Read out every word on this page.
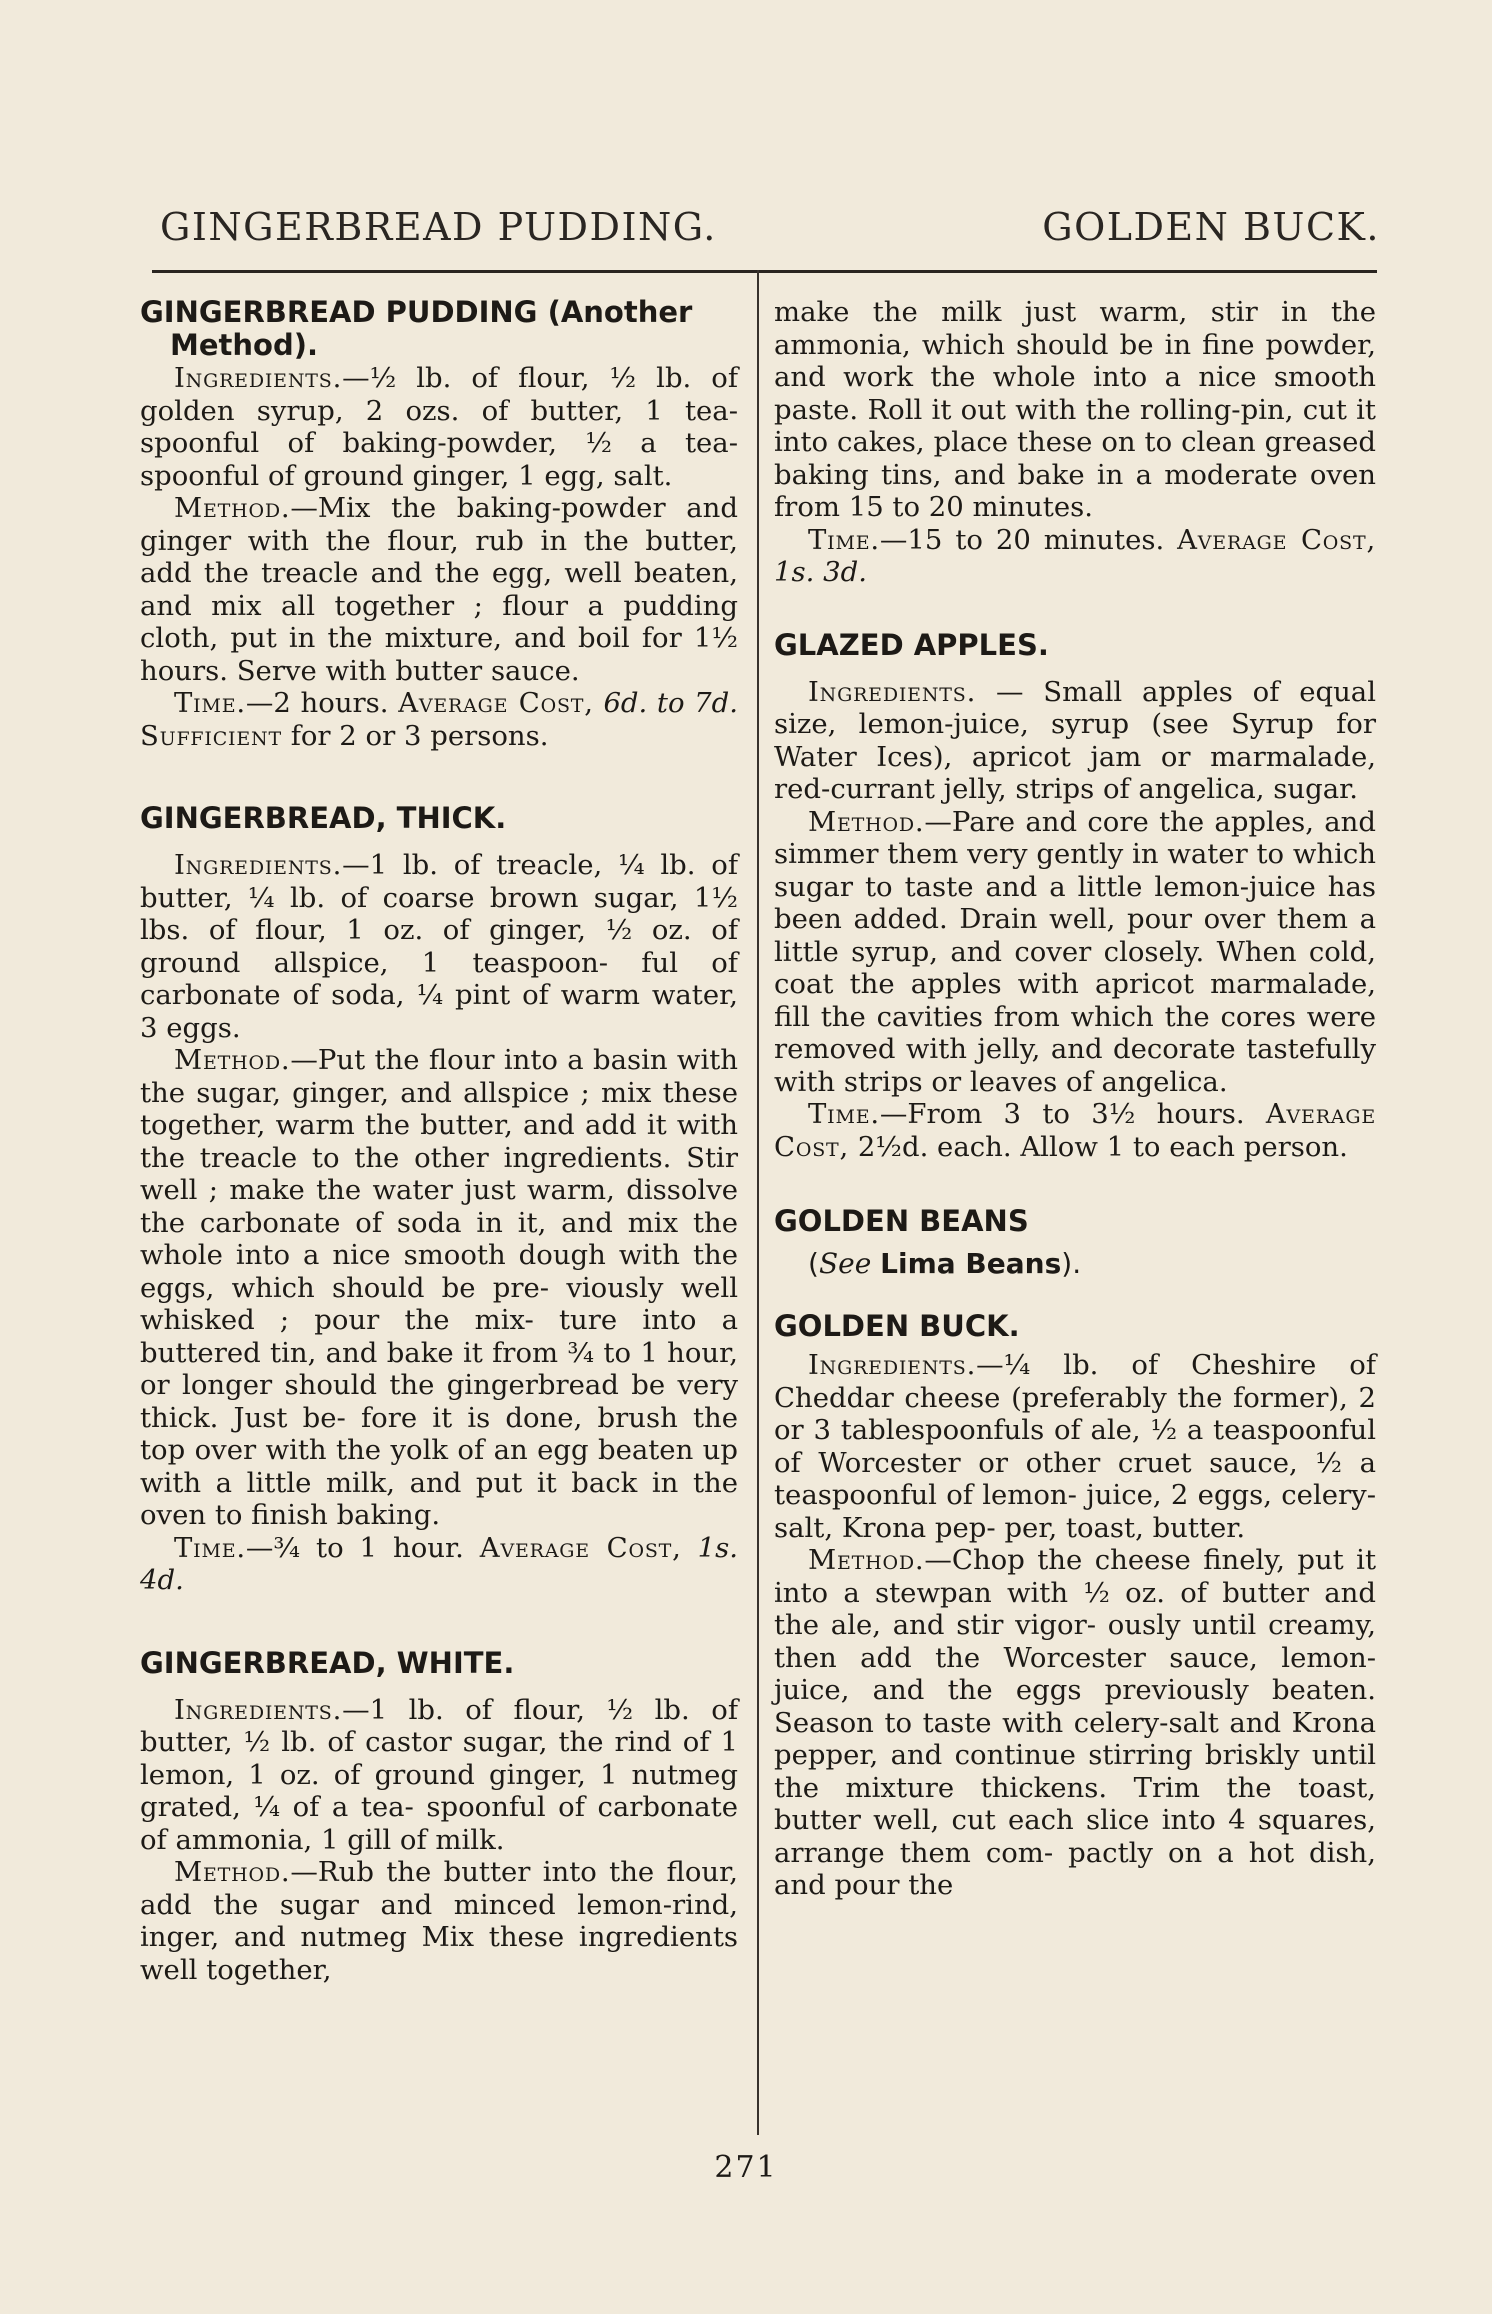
GINGERBREAD PUDDING.	GOLDEN BUCK.
GINGERBREAD PUDDING (Another Method).

Ingredients.—½ lb. of flour, ½ lb. of golden syrup, 2 ozs. of butter, 1 tea- spoonful of baking-powder, ½ a tea- spoonful of ground ginger, 1 egg, salt.

Method.—Mix the baking-powder and ginger with the flour, rub in the butter, add the treacle and the egg, well beaten, and mix all together ; flour a pudding cloth, put in the mixture, and boil for 1½ hours. Serve with butter sauce.

Time.—2 hours. Average Cost, 6d. to 7d. Sufficient for 2 or 3 persons.

GINGERBREAD, THICK.

Ingredients.—1 lb. of treacle, ¼ lb. of butter, ¼ lb. of coarse brown sugar, 1½ lbs. of flour, 1 oz. of ginger, ½ oz. of ground allspice, 1 teaspoon- ful of carbonate of soda, ¼ pint of warm water, 3 eggs.

Method.—Put the flour into a basin with the sugar, ginger, and allspice ; mix these together, warm the butter, and add it with the treacle to the other ingredients. Stir well ; make the water just warm, dissolve the carbonate of soda in it, and mix the whole into a nice smooth dough with the eggs, which should be pre- viously well whisked ; pour the mix- ture into a buttered tin, and bake it from ¾ to 1 hour, or longer should the gingerbread be very thick. Just be- fore it is done, brush the top over with the yolk of an egg beaten up with a little milk, and put it back in the oven to finish baking.

Time.—¾ to 1 hour. Average Cost, 1s. 4d.

GINGERBREAD, WHITE.

Ingredients.—1 lb. of flour, ½ lb. of butter, ½ lb. of castor sugar, the rind of 1 lemon, 1 oz. of ground ginger, 1 nutmeg grated, ¼ of a tea- spoonful of carbonate of ammonia, 1 gill of milk.

Method.—Rub the butter into the flour, add the sugar and minced lemon-rind, inger, and nutmeg Mix these ingredients well together,

make the milk just warm, stir in the ammonia, which should be in fine powder, and work the whole into a nice smooth paste. Roll it out with the rolling-pin, cut it into cakes, place these on to clean greased baking tins, and bake in a moderate oven from 15 to 20 minutes.

Time.—15 to 20 minutes. Average Cost, 1s. 3d.

GLAZED APPLES.

Ingredients. — Small apples of equal size, lemon-juice, syrup (see Syrup for Water Ices), apricot jam or marmalade, red-currant jelly, strips of angelica, sugar.

Method.—Pare and core the apples, and simmer them very gently in water to which sugar to taste and a little lemon-juice has been added. Drain well, pour over them a little syrup, and cover closely. When cold, coat the apples with apricot marmalade, fill the cavities from which the cores were removed with jelly, and decorate tastefully with strips or leaves of angelica.

Time.—From 3 to 3½ hours. Average Cost, 2½d. each. Allow 1 to each person.

GOLDEN BEANS

(See Lima Beans).

GOLDEN BUCK.

Ingredients.—¼ lb. of Cheshire of Cheddar cheese (preferably the former), 2 or 3 tablespoonfuls of ale, ½ a teaspoonful of Worcester or other cruet sauce, ½ a teaspoonful of lemon- juice, 2 eggs, celery-salt, Krona pep- per, toast, butter.

Method.—Chop the cheese finely, put it into a stewpan with ½ oz. of butter and the ale, and stir vigor- ously until creamy, then add the Worcester sauce, lemon-juice, and the eggs previously beaten. Season to taste with celery-salt and Krona pepper, and continue stirring briskly until the mixture thickens. Trim the toast, butter well, cut each slice into 4 squares, arrange them com- pactly on a hot dish, and pour the

271
